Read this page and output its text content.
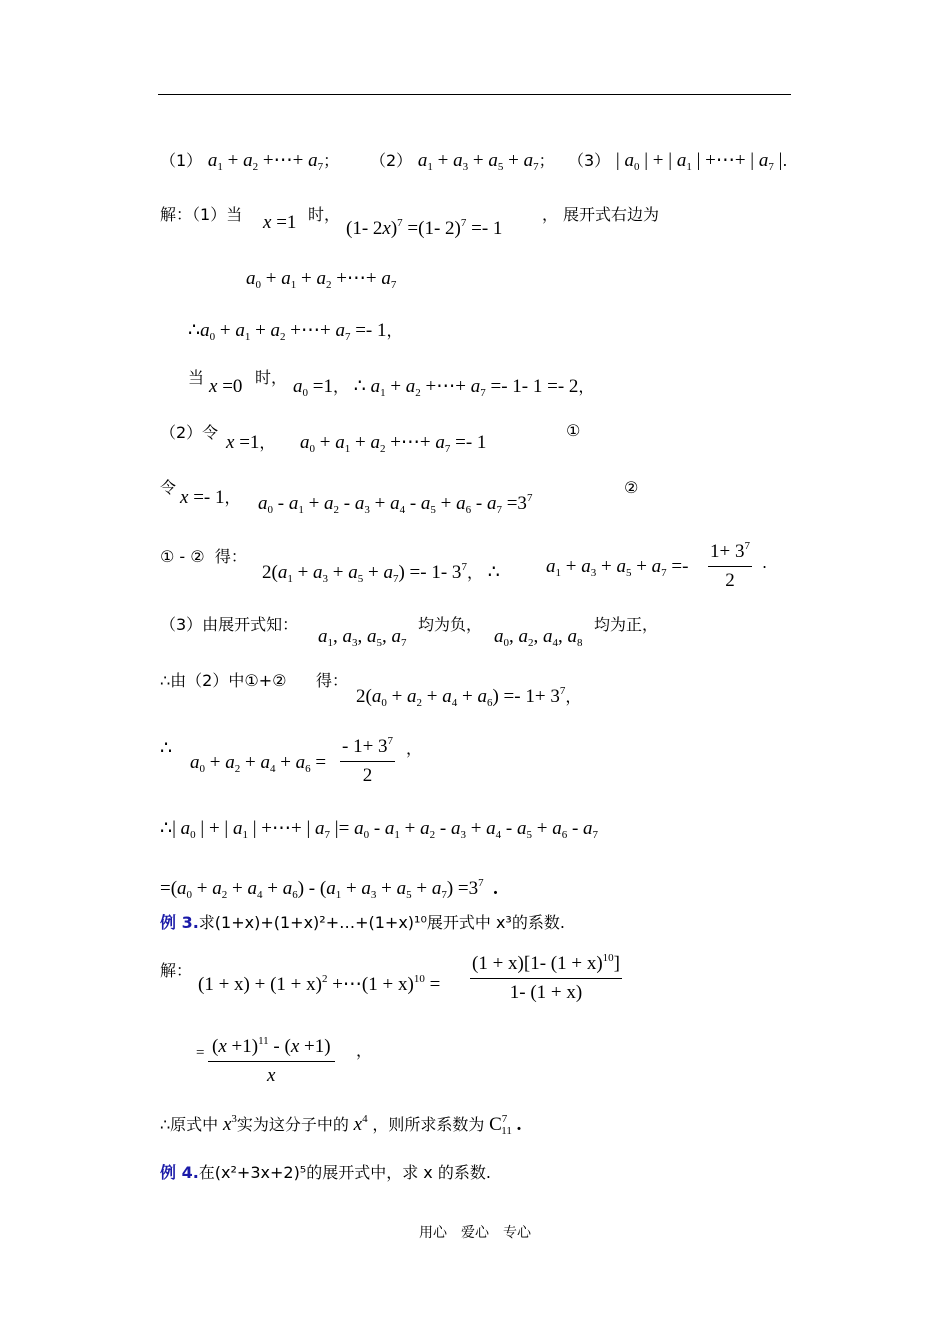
（1） $a_1 + a_2$ +⋯+ $a_7$； （2） $a_1 + a_3 + a_5 + a_7$； （3） | $a_0$ | + | $a_1$ | +⋯+ | $a_7$ |.
解：（1）当 x =1 时，
(1- 2x)$^7$ =(1- 2)$^7$ =- 1
， 展开式右边为
$a_0 + a_1 + a_2$ +⋯+ $a_7$
$\therefore a_0 + a_1 + a_2$ +⋯+ $a_7 =- 1$，
当 x =0 时， $a_0 =1$， ∴ $a_1 + a_2$ +⋯+ $a_7 =- 1-$ 1 =- 2，
（2）令 x =1， $a_0 + a_1 + a_2$ +⋯+ $a_7 =- 1$
①
令 x =- 1， $a_0 - a_1 + a_2 - a_3 + a_4 - a_5 + a_6 - a_7 =3^7$
②
① - ② 得：
$2(a_1 + a_3 + a_5 + a_7) =- 1-$ $3^7$， ∴ $a_1 + a_3 + a_5 + a_7 =- \frac{1+ 3^7}{2}$ .
（3）由展开式知：
$a_1$, $a_3$, $a_5$, $a_7$
均为负，
$a_0$, $a_2$, $a_4$, $a_8$
均为正，
∴由（2）中①+② 得：
$2(a_0 + a_2 + a_4 + a_6) =- 1+ 3^7$，
∴
$a_0 + a_2 + a_4 + a_6 = \frac{- 1+ 3^7}{2}$ ，
∴| $a_0$ | + | $a_1$ | +⋯+ | $a_7$ |= $a_0 - a_1 + a_2 - a_3 + a_4 - a_5 + a_6 - a_7$
$=(a_0 + a_2 + a_4 + a_6) - (a_1 + a_3 + a_5 + a_7) =3^7$ .
例 3.求(1+x)+(1+x)²+…+(1+x)¹⁰展开式中 x³的系数.
解：
$(1 + x) + (1 + x)^2$ +⋯(1 + $x)^{10} = \frac{(1 + x)[1- (1 + x)^{10}]}{1- (1 + x)}$
= $\frac{(x +1)^{11} - (x +1)}{x}$ ，
∴原式中 $x^3$实为这分子中的 $x^4$ ，则所求系数为 $C^7_{11}$ .
例 4.在(x²+3x+2)⁵的展开式中，求 x 的系数.
用心　爱心　专心
